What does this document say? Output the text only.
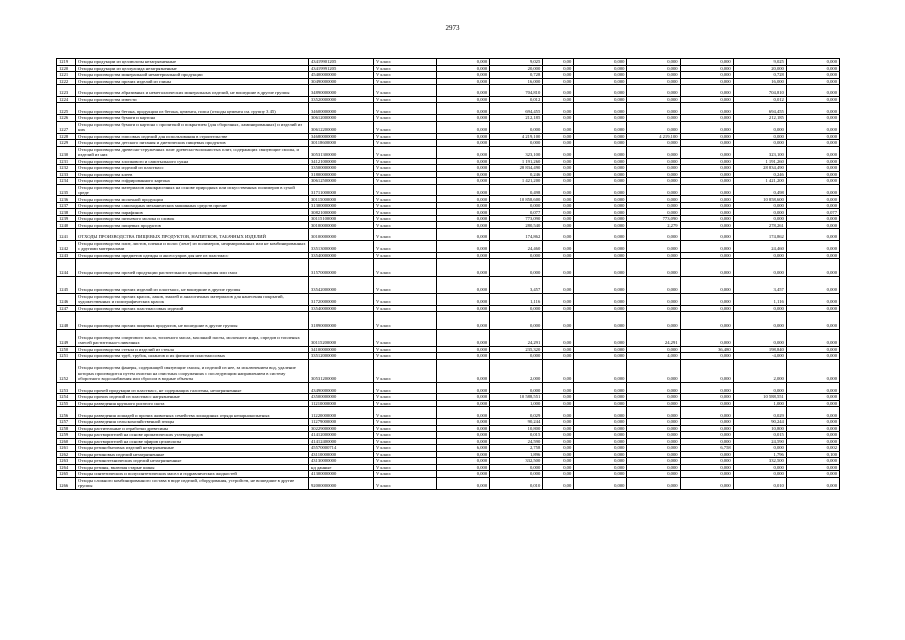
2973
1219	Отходы продукции из целлюлозы незагрязненные	43419901205	V класс	0,000	9,025	0,00	0,000	0,000	0,000	9,025	0,000
1220	Отходы продукции из целлулоида незагрязненные	43419991205	V класс	0,000	20,000	0,00	0,000	0,000	0,000	20,000	0,000
1221	Отходы производства минеральной нематериальной продукции	45400000000	V класс	0,000	0,728	0,00	0,000	0,000	0,000	0,728	0,000
1222	Отходы производства прочих изделий из глины	30490000000	V класс	0,000	16,000	0,00	0,000	0,000	0,000	16,000	0,000
1223	Отходы производства абразивных и неметаллических минеральных изделий, не вошедшие в другие группы	34890000000	V класс	0,000	704,810	0,00	0,000	0,000	0,000	704,810	0,000
1224	Отходы производства извести	33520000000	V класс	0,000	0,012	0,00	0,000	0,000	0,000	0,012	0,000
1225	Отходы производства бетона, продукции из бетона, цемента, гипса (отходы цемента см. группу 3 45)	34600000000	V класс	0,000	694,455	0,00	0,000	0,000	0,000	694,455	0,000
1226	Отходы производства бумаги и картона	30612000000	V класс	0,000	212,185	0,00	0,000	0,000	0,000	212,185	0,000
1227	Отходы производства бумаги и картона с пропиткой и покрытием (для сборочных, ламинированных) и изделий из них	30612200000	V класс	0,000	0,000	0,00	0,000	0,000	0,000	0,000	0,000
1228	Отходы производства гипсовых изделий для использования в строительстве	34680000000	V класс	0,000	4 219,100	0,00	0,000	4 219,100	0,000	0,000	0,000
1229	Отходы производства детского питания и диетических пищевых продуктов	30118600000	V класс	0,000	0,000	0,00	0,000	0,000	0,000	0,000	0,000
1230	Отходы производства древесно-стружечных плит древесно-волокнистых плит, содержащих связующие смолы, и изделий из них	30531300000	V класс	0,000	323,100	0,00	0,000	0,000	0,000	323,100	0,000
1231	Отходы производства хлопкового и самотыльного сукна	34121000000	V класс	0,000	1 191,260	0,00	0,000	0,000	0,000	1 191,260	0,000
1232	Отходы производства изделий из пластмасс	33500000000	V класс	0,000	28 834,490	0,00	0,000	0,000	0,000	28 834,490	0,000
1233	Отходы производства клеев	31800000000	V класс	0,000	0,246	0,00	0,000	0,000	0,000	0,246	0,000
1234	Отходы производства гофрированного картона	30612500000	V класс	0,000	1 421,200	0,00	0,000	0,000	0,000	1 421,200	0,000
1235	Отходы производства материалов лакокрасочных на основе природных или искусственных полимеров в сухой среде	31711000000	V класс	0,000	0,498	0,00	0,000	0,000	0,000	0,498	0,000
1236	Отходы производства молочной продукции	30115000000	V класс	0,000	10 858,600	0,00	0,000	0,000	0,000	10 858,600	0,000
1237	Отходы производства самоходных механических машинных средств прочие	31300000000	V класс	0,000	0,000	0,00	0,000	0,000	0,000	0,000	0,000
1238	Отходы производства парафинов	30821000000	V класс	0,000	0,077	0,00	0,000	0,000	0,000	0,000	0,077
1239	Отходы производства питьевого молока и сливок	30115100000	V класс	0,000	773,090	0,00	0,000	773,090	0,000	0,000	0,000
1240	Отходы производства пищевых продуктов	30100000000	V класс	0,000	280,540	0,00	0,000	2,279	0,000	278,261	0,000
1241	ОТХОДЫ ПРОИЗВОДСТВА ПИЩЕВЫХ ПРОДУКТОВ, НАПИТКОВ, ТАБАЧНЫХ ИЗДЕЛИЙ	30100000000	V класс	0,000	174,862	0,00	0,000	0,000	0,000	174,862	0,000
1242	Отходы производства плит, листов, пленки и полос (лент) из полимеров, неармированных или не комбинированных с другими материалами	33513000000	V класс	0,000	24,460	0,00	0,000	0,000	0,000	24,460	0,000
1243	Отходы производства предметов одежды и аксессуаров для нее из пластмасс	33540000000	V класс	0,000	0,000	0,00	0,000	0,000	0,000	0,000	0,000
1244	Отходы производства прочей продукции растительного происхождения или смол	31570000000	V класс	0,000	0,000	0,00	0,000	0,000	0,000	0,000	0,000
1245	Отходы производства прочих изделий из пластмасс, не вошедшие в другие группы	33542000000	V класс	0,000	3,457	0,00	0,000	0,000	0,000	3,457	0,000
1246	Отходы производства прочих красок, лаков, эмалей и аналогичных материалов для нанесения покрытий, художественных и полиграфических красок	31720000000	V класс	0,000	1,116	0,00	0,000	0,000	0,000	1,116	0,000
1247	Отходы производства прочих пластмассовых изделий	33540000000	V класс	0,000	0,000	0,00	0,000	0,000	0,000	0,000	0,000
1248	Отходы производства прочих пищевых продуктов, не вошедшие в другие группы	31890000000	V класс	0,000	0,000	0,00	0,000	0,000	0,000	0,000	0,000
1249	Отходы производства спиртового масла, топленого масла, масляной пасты, молочного жира, спредов и топленых смесей растительно-сливочных	30115200000	V класс	0,000	24,291	0,00	0,000	24,291	0,000	0,000	0,000
1250	Отходы производства стекла и изделий из стекла	34100000000	V класс	0,000	235,320	0,00	0,000	0,000	36,480	198,840	0,000
1251	Отходы производства труб, трубок, шлангов и их фитингов пластмассовых	33512000000	V класс	0,000	0,000	0,00	0,000	4,000	0,000	-4,000	0,000
1252	Отходы производства фанеры, содержащей связующие смолы, и изделий из нее, за исключением вод, удаление которых производится путем очистки на очистных сооружениях с последующим направлением в систему оборотного водоснабжения или сбросом в водные объекты	30531200000	V класс	0,000	2,000	0,00	0,000	0,000	0,000	2,000	0,000
1253	Отходы прочей продукции из пластмасс, не содержащих галогены, незагрязненные	43490000000	V класс	0,000	0,000	0,00	0,000	0,000	0,000	0,000	0,000
1254	Отходы прочих изделий из пластмасс нагрязненные	43500000000	V класс	0,000	10 588,551	0,00	0,000	0,000	0,000	10 588,551	0,000
1255	Отходы разведения крупного рогатого скота	11210000000	V класс	0,000	1,000	0,00	0,000	0,000	0,000	1,000	0,000
1256	Отходы разведения лошадей и прочих животных семейства лошадиных отряда непарнокопытных	11220000000	V класс	0,000	0,029	0,00	0,000	0,000	0,000	0,029	0,000
1257	Отходы разведения сельскохозяйственной птицы	11279000000	V класс	0,000	90,244	0,00	0,000	0,000	0,000	90,244	0,000
1258	Отходы растительные и отработки древесины	30229000000	V класс	0,000	10,800	0,00	0,000	0,000	0,000	10,800	0,000
1259	Отходы растворителей на основе ароматических углеводородов	41412000000	V класс	0,000	0,015	0,00	0,000	0,000	0,000	0,015	0,000
1260	Отходы растворителей на основе эфиров целлюлозы	41412400000	V класс	0,000	24,590	0,00	0,000	0,000	0,000	24,590	0,000
1261	Отходы резинобытовых изделий незагрязненные	45570000714	V класс	6,000	2,758	0,00	0,000	0,000	6,758	0,000	0,002
1262	Отходы резиновых изделий незагрязненные	43110000000	V класс	0,000	1,896	0,00	0,000	0,000	0,000	1,796	0,100
1263	Отходы резинотехнических изделий незагрязненные	43130000000	V класс	0,000	332,500	0,00	0,000	0,000	0,000	332,500	0,000
1264	Отходы резины, включая старые шины	нд данные	V класс	0,000	0,000	0,00	0,000	0,000	0,000	0,000	0,000
1265	Отходы синтетических и полусинтетических масел и гидравлических жидкостей	41300000000	V класс	0,000	0,000	0,00	0,000	0,000	0,000	0,000	0,000
1266	Отходы сложного комбинированного состава в виде изделий, оборудования, устройств, не вошедшие в другие группы	92000000000	V класс	0,000	0,010	0,00	0,000	0,000	0,000	0,010	0,000
